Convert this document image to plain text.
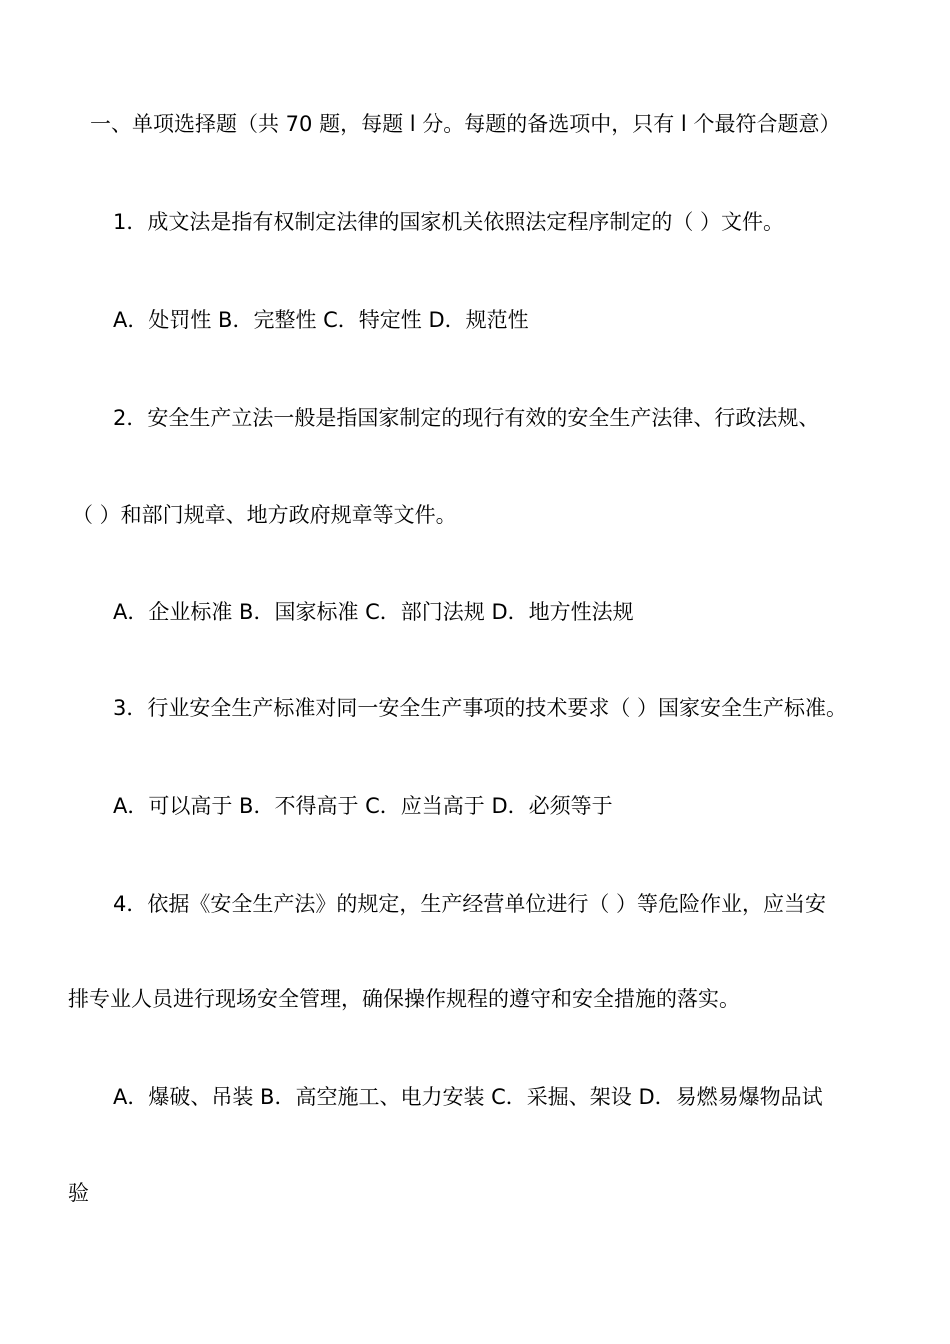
一、单项选择题（共 70 题，每题 l 分。每题的备选项中，只有 l 个最符合题意）
1．成文法是指有权制定法律的国家机关依照法定程序制定的（ ）文件。
A．处罚性 B．完整性 C．特定性 D．规范性
2．安全生产立法一般是指国家制定的现行有效的安全生产法律、行政法规、
（ ）和部门规章、地方政府规章等文件。
A．企业标准 B．国家标准 C．部门法规 D．地方性法规
3．行业安全生产标准对同一安全生产事项的技术要求（ ）国家安全生产标准。
A．可以高于 B．不得高于 C．应当高于 D．必须等于
4．依据《安全生产法》的规定，生产经营单位进行（ ）等危险作业，应当安
排专业人员进行现场安全管理，确保操作规程的遵守和安全措施的落实。
A．爆破、吊装 B．高空施工、电力安装 C．采掘、架设 D．易燃易爆物品试
验
